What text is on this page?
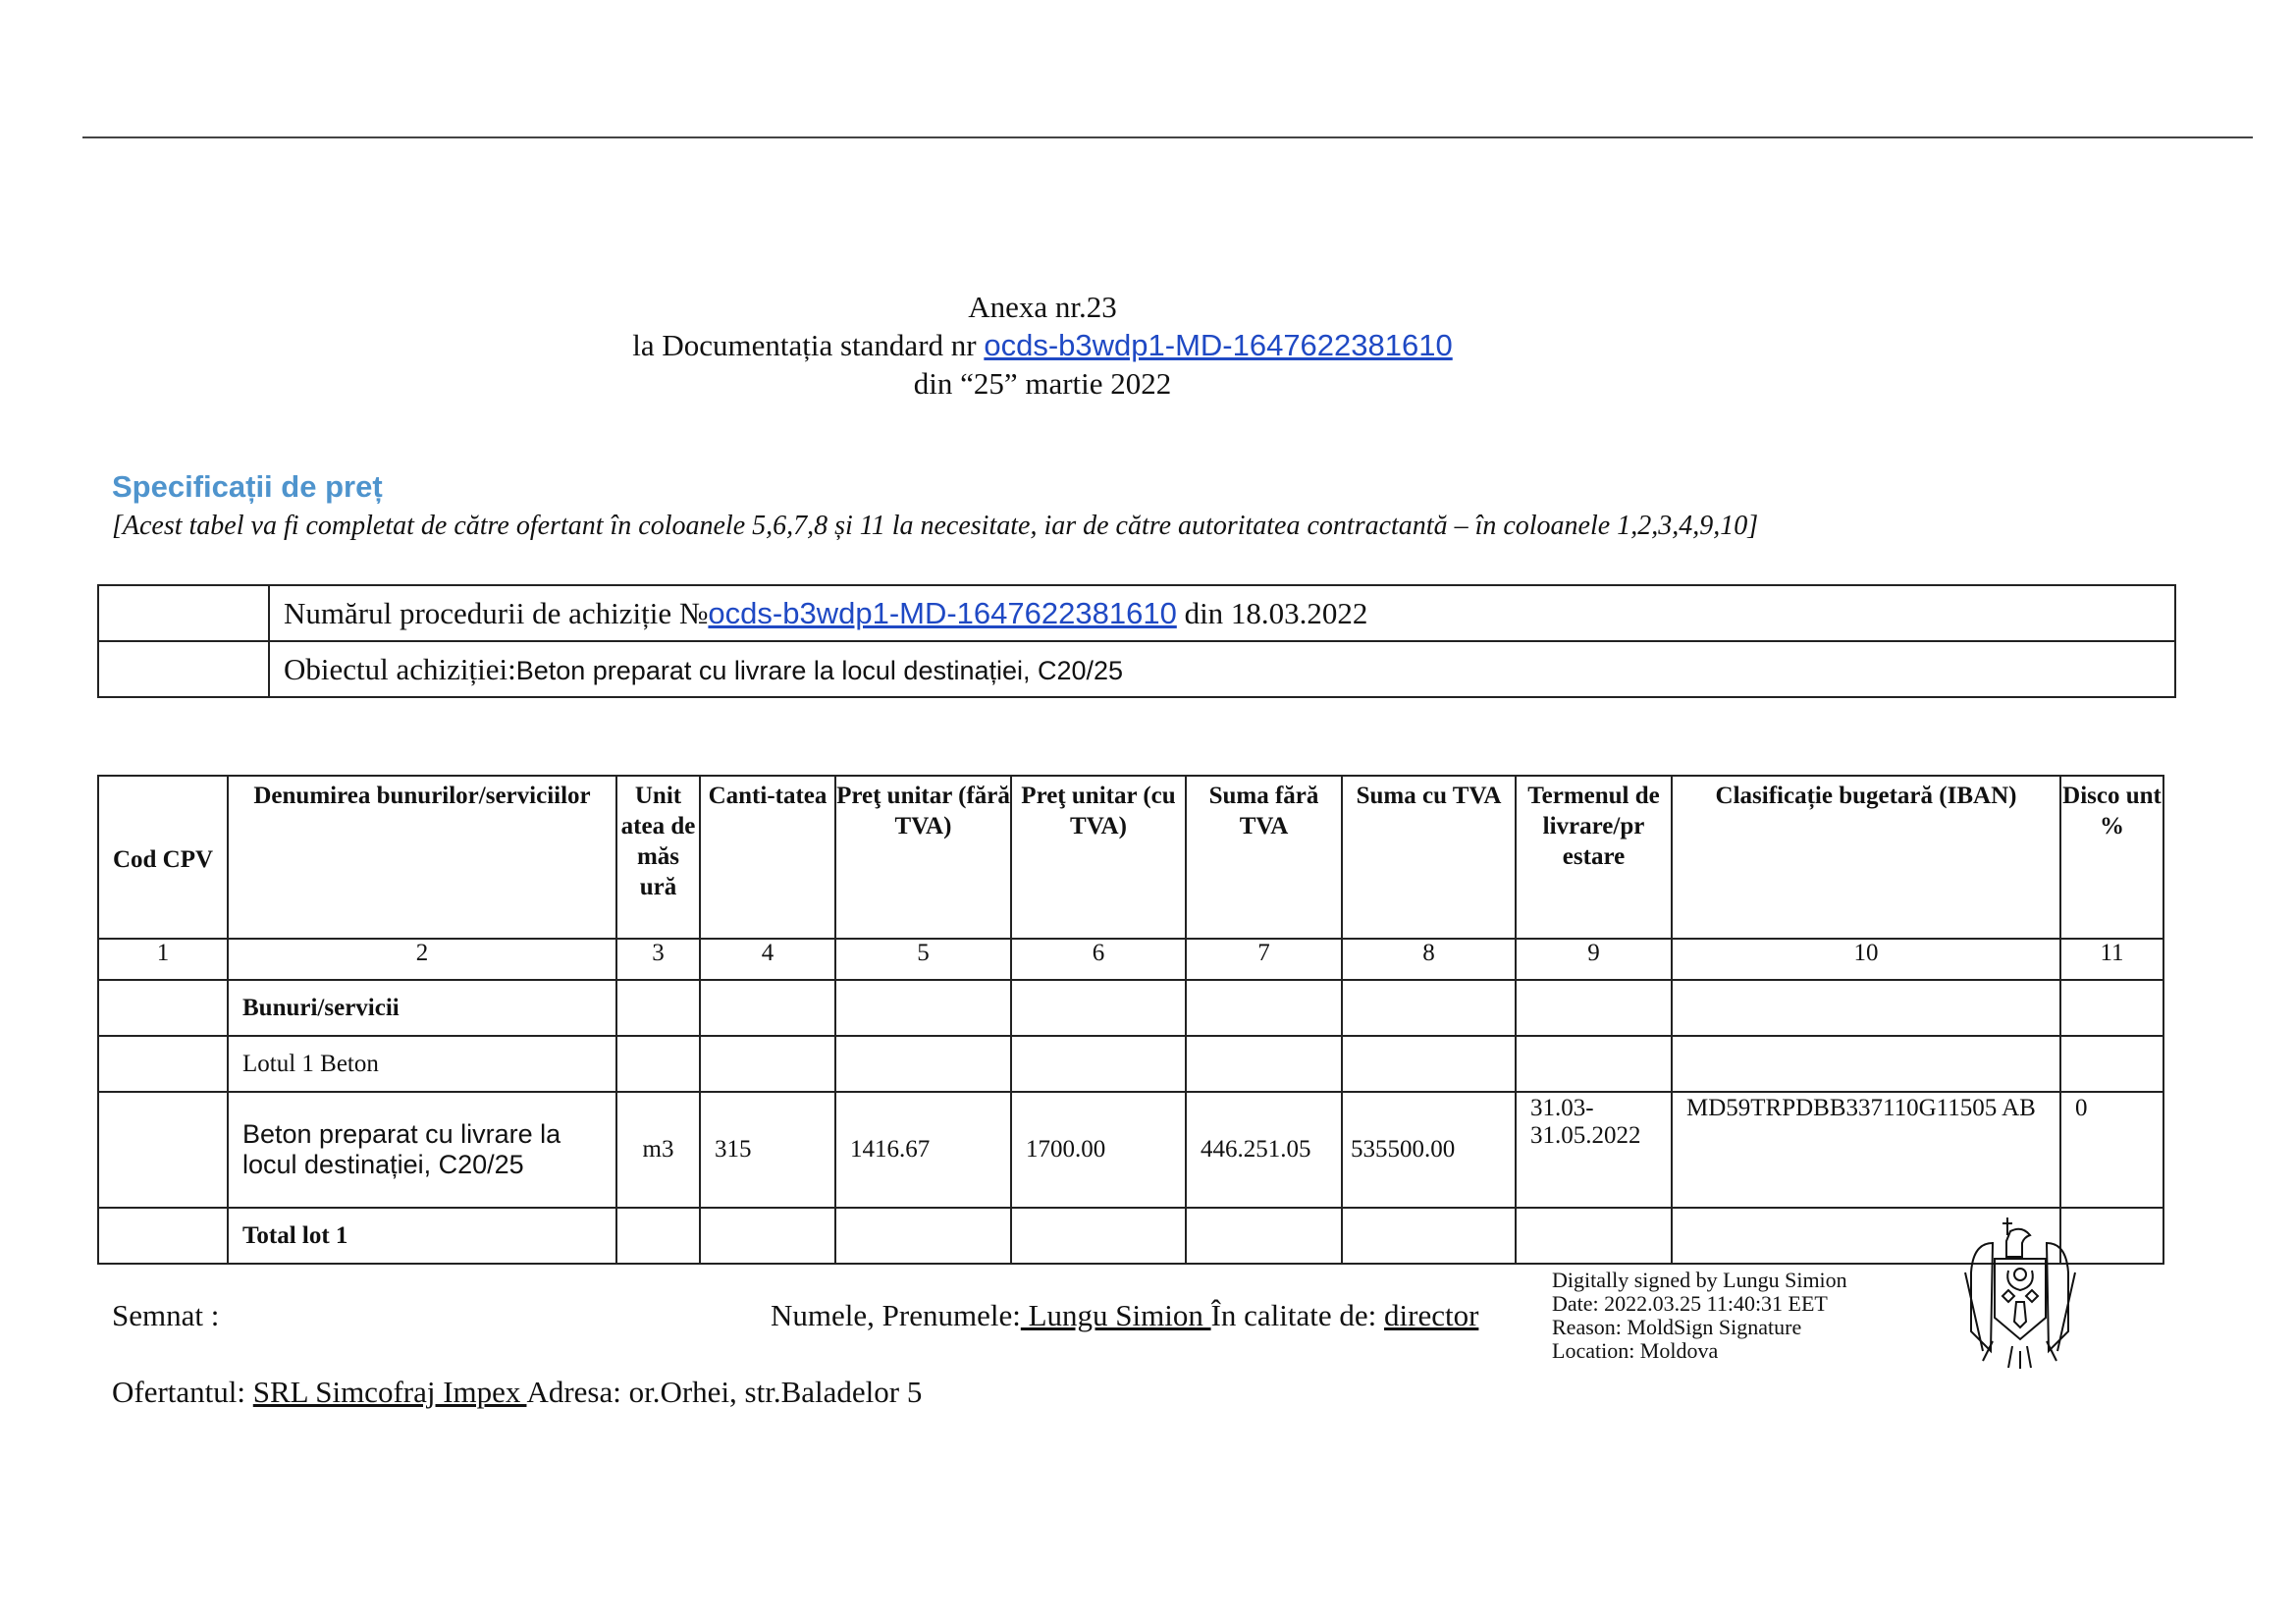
Anexa nr.23
la Documentația standard nr ocds-b3wdp1-MD-1647622381610
din “25” martie 2022
Specificații de preț
[Acest tabel va fi completat de către ofertant în coloanele 5,6,7,8 și 11 la necesitate, iar de către autoritatea contractantă – în coloanele 1,2,3,4,9,10]
	Numărul procedurii de achiziție №ocds-b3wdp1-MD-1647622381610 din 18.03.2022
	Obiectul achiziției:Beton preparat cu livrare la locul destinației, C20/25
Cod CPV	Denumirea bunurilor/serviciilor	Unit atea de măs ură	Canti-tatea	Preţ unitar (fără TVA)	Preţ unitar (cu TVA)	Suma fără TVA	Suma cu TVA	Termenul de livrare/pr estare	Clasificație bugetară (IBAN)	Disco unt %
1	2	3	4	5	6	7	8	9	10	11
	Bunuri/servicii									
	Lotul 1 Beton									
	Beton preparat cu livrare la locul destinației, C20/25	m3	315	1416.67	1700.00	446.251.05	535500.00	31.03-31.05.2022	MD59TRPDBB337110G11505 AB	0
	Total lot 1									
Semnat :	Numele, Prenumele: Lungu Simion În calitate de: director
Ofertantul: SRL Simcofraj Impex Adresa: or.Orhei, str.Baladelor 5
Digitally signed by Lungu Simion
Date: 2022.03.25 11:40:31 EET
Reason: MoldSign Signature
Location: Moldova
